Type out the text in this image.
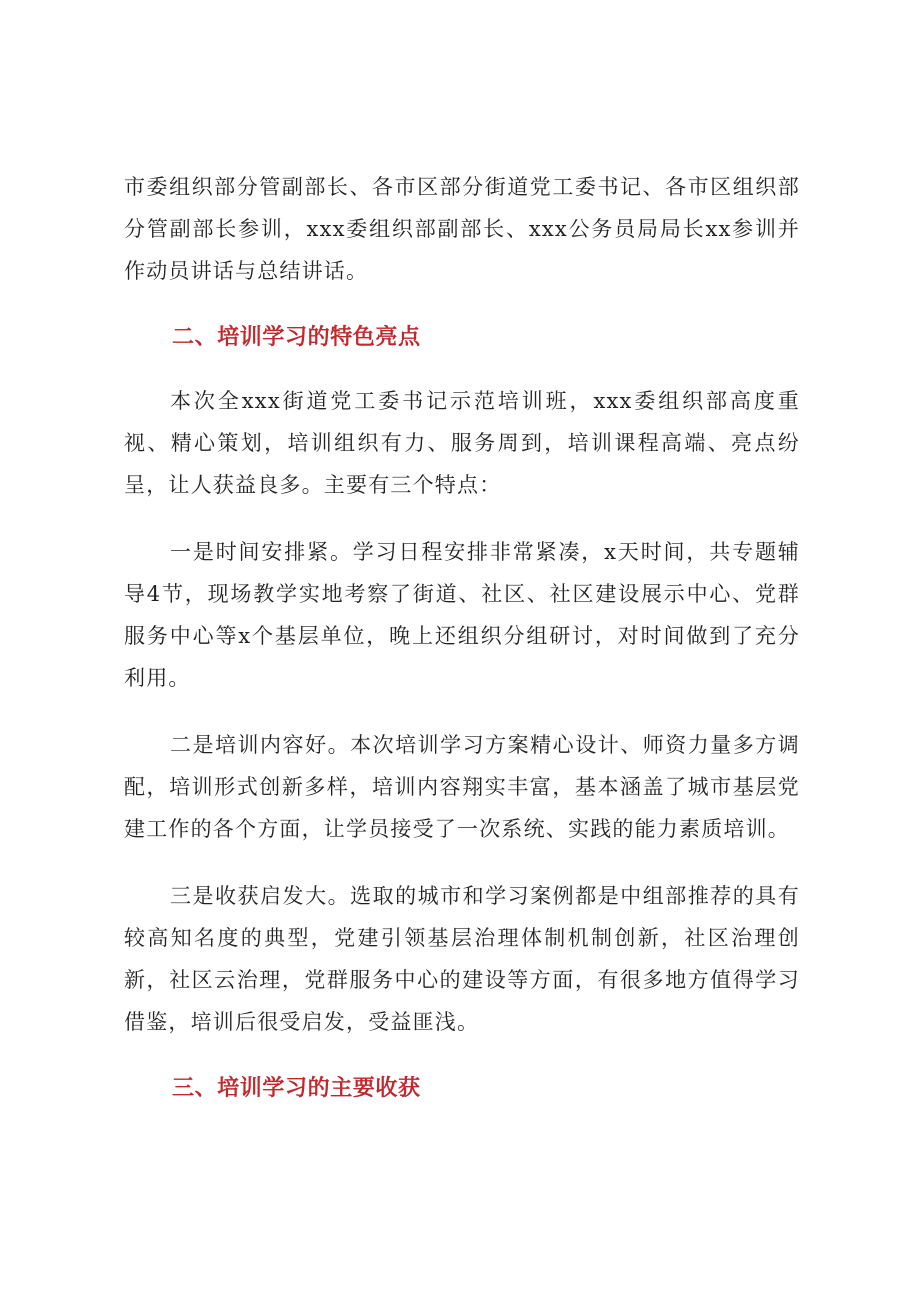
市委组织部分管副部长、各市区部分街道党工委书记、各市区组织部分管副部长参训，xxx委组织部副部长、xxx公务员局局长xx参训并作动员讲话与总结讲话。

二、培训学习的特色亮点

本次全xxx街道党工委书记示范培训班，xxx委组织部高度重视、精心策划，培训组织有力、服务周到，培训课程高端、亮点纷呈，让人获益良多。主要有三个特点：

一是时间安排紧。学习日程安排非常紧凑，x天时间，共专题辅导4节，现场教学实地考察了街道、社区、社区建设展示中心、党群服务中心等x个基层单位，晚上还组织分组研讨，对时间做到了充分利用。

二是培训内容好。本次培训学习方案精心设计、师资力量多方调配，培训形式创新多样，培训内容翔实丰富，基本涵盖了城市基层党建工作的各个方面，让学员接受了一次系统、实践的能力素质培训。

三是收获启发大。选取的城市和学习案例都是中组部推荐的具有较高知名度的典型，党建引领基层治理体制机制创新，社区治理创新，社区云治理，党群服务中心的建设等方面，有很多地方值得学习借鉴，培训后很受启发，受益匪浅。

三、培训学习的主要收获
